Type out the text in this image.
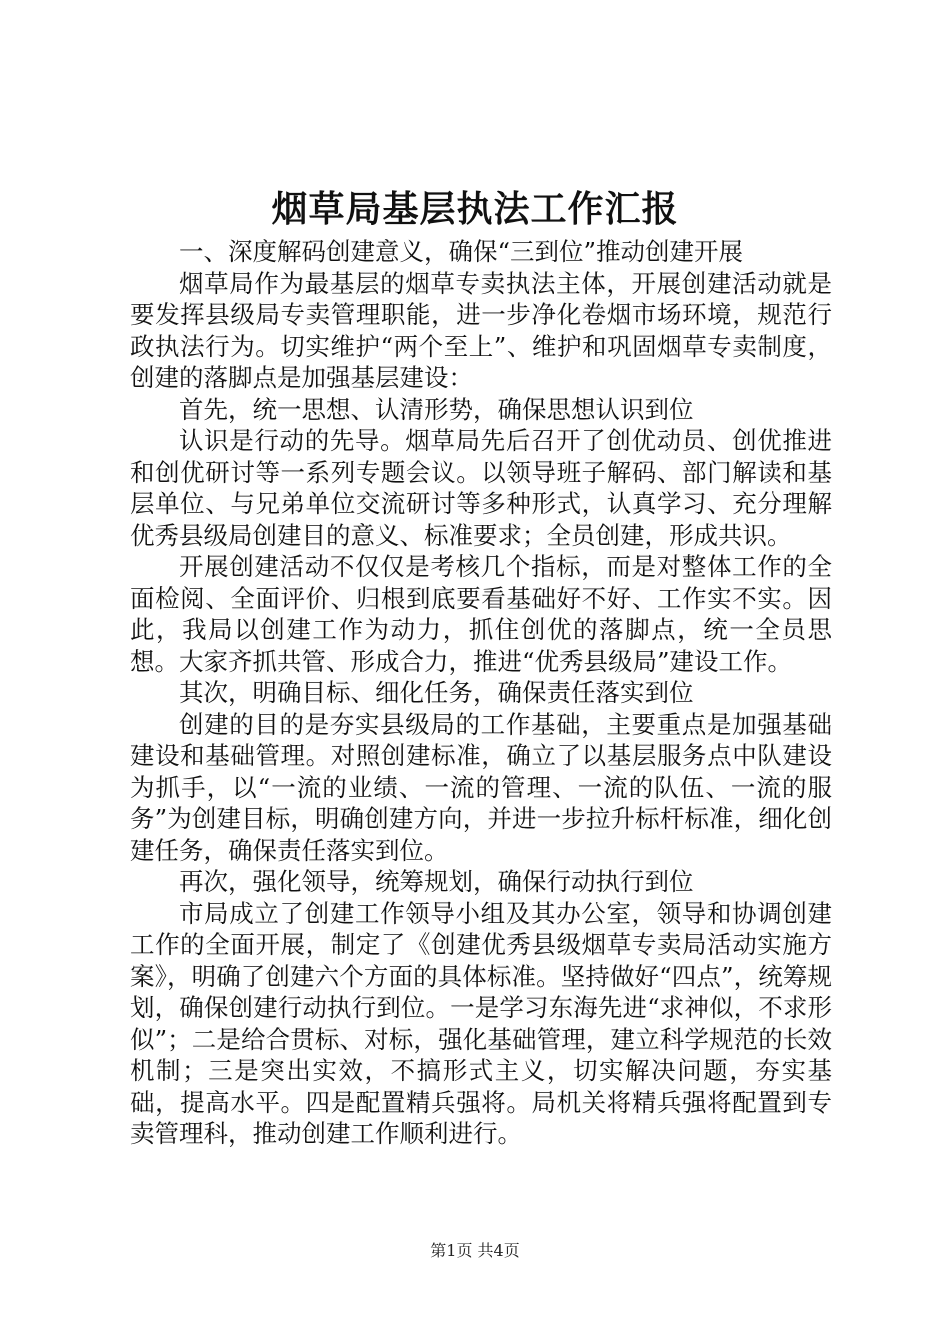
烟草局基层执法工作汇报

一、深度解码创建意义，确保“三到位”推动创建开展

烟草局作为最基层的烟草专卖执法主体，开展创建活动就是要发挥县级局专卖管理职能，进一步净化卷烟市场环境，规范行政执法行为。切实维护“两个至上”、维护和巩固烟草专卖制度，创建的落脚点是加强基层建设：

首先，统一思想、认清形势，确保思想认识到位

认识是行动的先导。烟草局先后召开了创优动员、创优推进和创优研讨等一系列专题会议。以领导班子解码、部门解读和基层单位、与兄弟单位交流研讨等多种形式，认真学习、充分理解优秀县级局创建目的意义、标准要求；全员创建，形成共识。

开展创建活动不仅仅是考核几个指标，而是对整体工作的全面检阅、全面评价、归根到底要看基础好不好、工作实不实。因此，我局以创建工作为动力，抓住创优的落脚点，统一全员思想。大家齐抓共管、形成合力，推进“优秀县级局”建设工作。

其次，明确目标、细化任务，确保责任落实到位

创建的目的是夯实县级局的工作基础，主要重点是加强基础建设和基础管理。对照创建标准，确立了以基层服务点中队建设为抓手，以“一流的业绩、一流的管理、一流的队伍、一流的服务”为创建目标，明确创建方向，并进一步拉升标杆标准，细化创建任务，确保责任落实到位。

再次，强化领导，统筹规划，确保行动执行到位

市局成立了创建工作领导小组及其办公室，领导和协调创建工作的全面开展，制定了《创建优秀县级烟草专卖局活动实施方案》，明确了创建六个方面的具体标准。坚持做好“四点”，统筹规划，确保创建行动执行到位。一是学习东海先进“求神似，不求形似”；二是给合贯标、对标，强化基础管理，建立科学规范的长效机制；三是突出实效，不搞形式主义，切实解决问题，夯实基础，提高水平。四是配置精兵强将。局机关将精兵强将配置到专卖管理科，推动创建工作顺利进行。

第1页 共4页
